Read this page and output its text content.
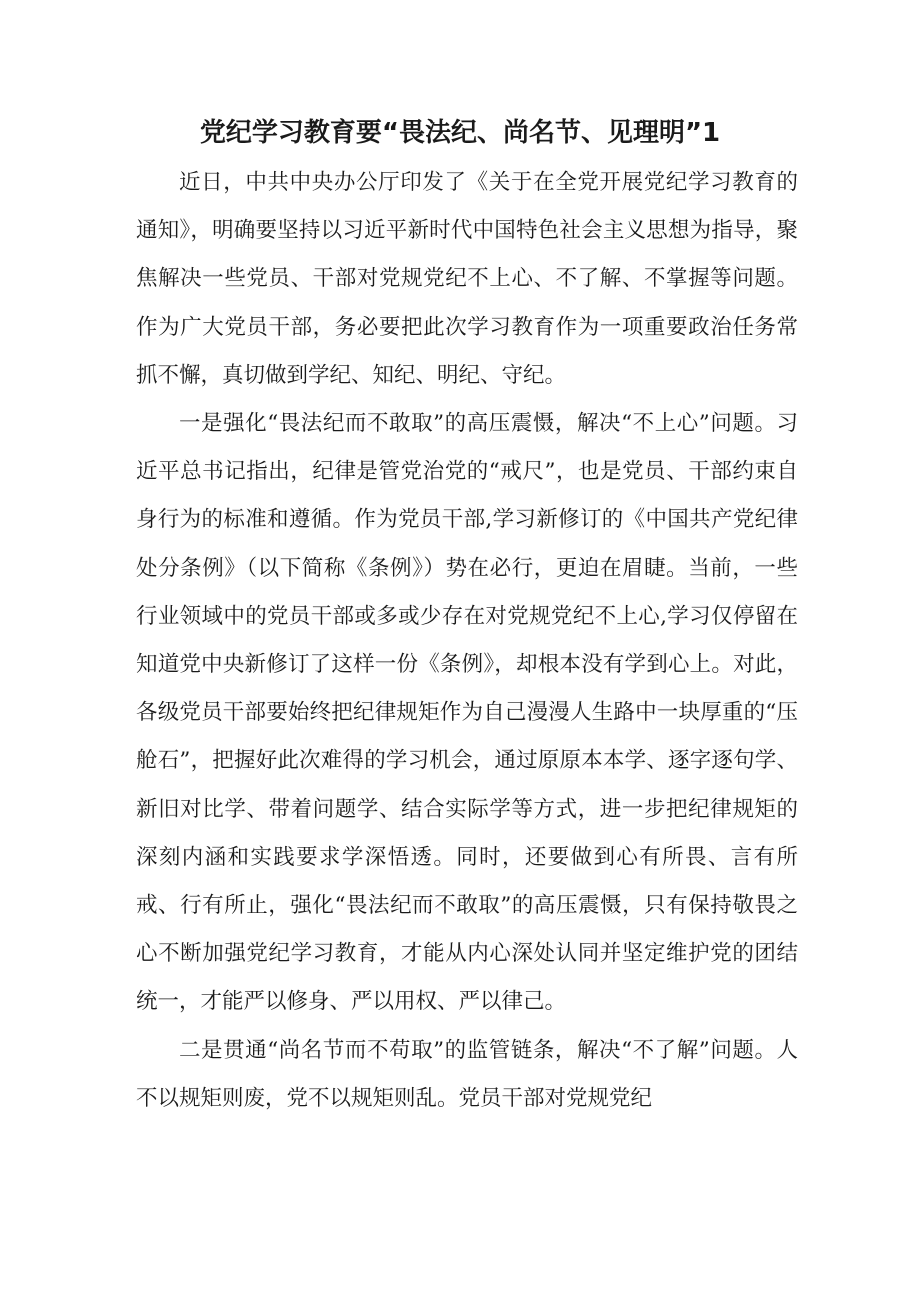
党纪学习教育要“畏法纪、尚名节、见理明”1

近日，中共中央办公厅印发了《关于在全党开展党纪学习教育的通知》，明确要坚持以习近平新时代中国特色社会主义思想为指导，聚焦解决一些党员、干部对党规党纪不上心、不了解、不掌握等问题。作为广大党员干部，务必要把此次学习教育作为一项重要政治任务常抓不懈，真切做到学纪、知纪、明纪、守纪。

一是强化“畏法纪而不敢取”的高压震慑，解决“不上心”问题。习近平总书记指出，纪律是管党治党的“戒尺”，也是党员、干部约束自身行为的标准和遵循。作为党员干部,学习新修订的《中国共产党纪律处分条例》（以下简称《条例》）势在必行，更迫在眉睫。当前，一些行业领域中的党员干部或多或少存在对党规党纪不上心,学习仅停留在知道党中央新修订了这样一份《条例》，却根本没有学到心上。对此，各级党员干部要始终把纪律规矩作为自己漫漫人生路中一块厚重的“压舱石”，把握好此次难得的学习机会，通过原原本本学、逐字逐句学、新旧对比学、带着问题学、结合实际学等方式，进一步把纪律规矩的深刻内涵和实践要求学深悟透。同时，还要做到心有所畏、言有所戒、行有所止，强化“畏法纪而不敢取”的高压震慑，只有保持敬畏之心不断加强党纪学习教育，才能从内心深处认同并坚定维护党的团结统一，才能严以修身、严以用权、严以律己。

二是贯通“尚名节而不苟取”的监管链条，解决“不了解”问题。人不以规矩则废，党不以规矩则乱。党员干部对党规党纪
